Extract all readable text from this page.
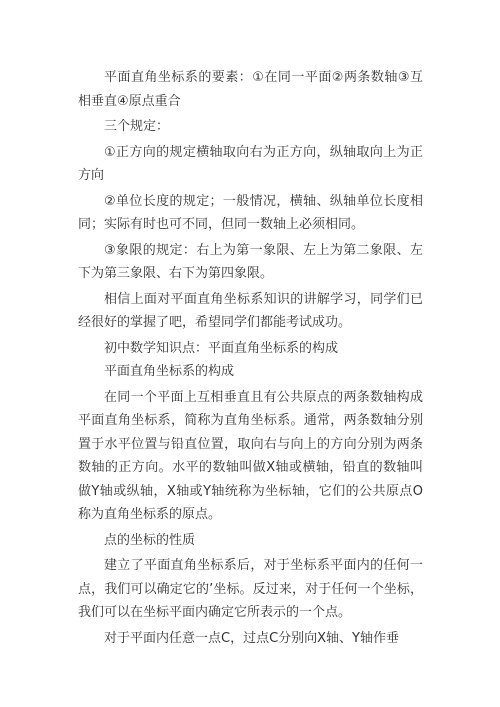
平面直角坐标系的要素：①在同一平面②两条数轴③互相垂直④原点重合

三个规定：

①正方向的规定横轴取向右为正方向，纵轴取向上为正方向

②单位长度的规定；一般情况，横轴、纵轴单位长度相同；实际有时也可不同，但同一数轴上必须相同。

③象限的规定：右上为第一象限、左上为第二象限、左下为第三象限、右下为第四象限。

相信上面对平面直角坐标系知识的讲解学习，同学们已经很好的掌握了吧，希望同学们都能考试成功。

初中数学知识点：平面直角坐标系的构成

平面直角坐标系的构成

在同一个平面上互相垂直且有公共原点的两条数轴构成平面直角坐标系，简称为直角坐标系。通常，两条数轴分别置于水平位置与铅直位置，取向右与向上的方向分别为两条数轴的正方向。水平的数轴叫做X轴或横轴，铅直的数轴叫做Y轴或纵轴，X轴或Y轴统称为坐标轴，它们的公共原点O称为直角坐标系的原点。

点的坐标的性质

建立了平面直角坐标系后，对于坐标系平面内的任何一点，我们可以确定它的’坐标。反过来，对于任何一个坐标，我们可以在坐标平面内确定它所表示的一个点。

对于平面内任意一点C，过点C分别向X轴、Y轴作垂
